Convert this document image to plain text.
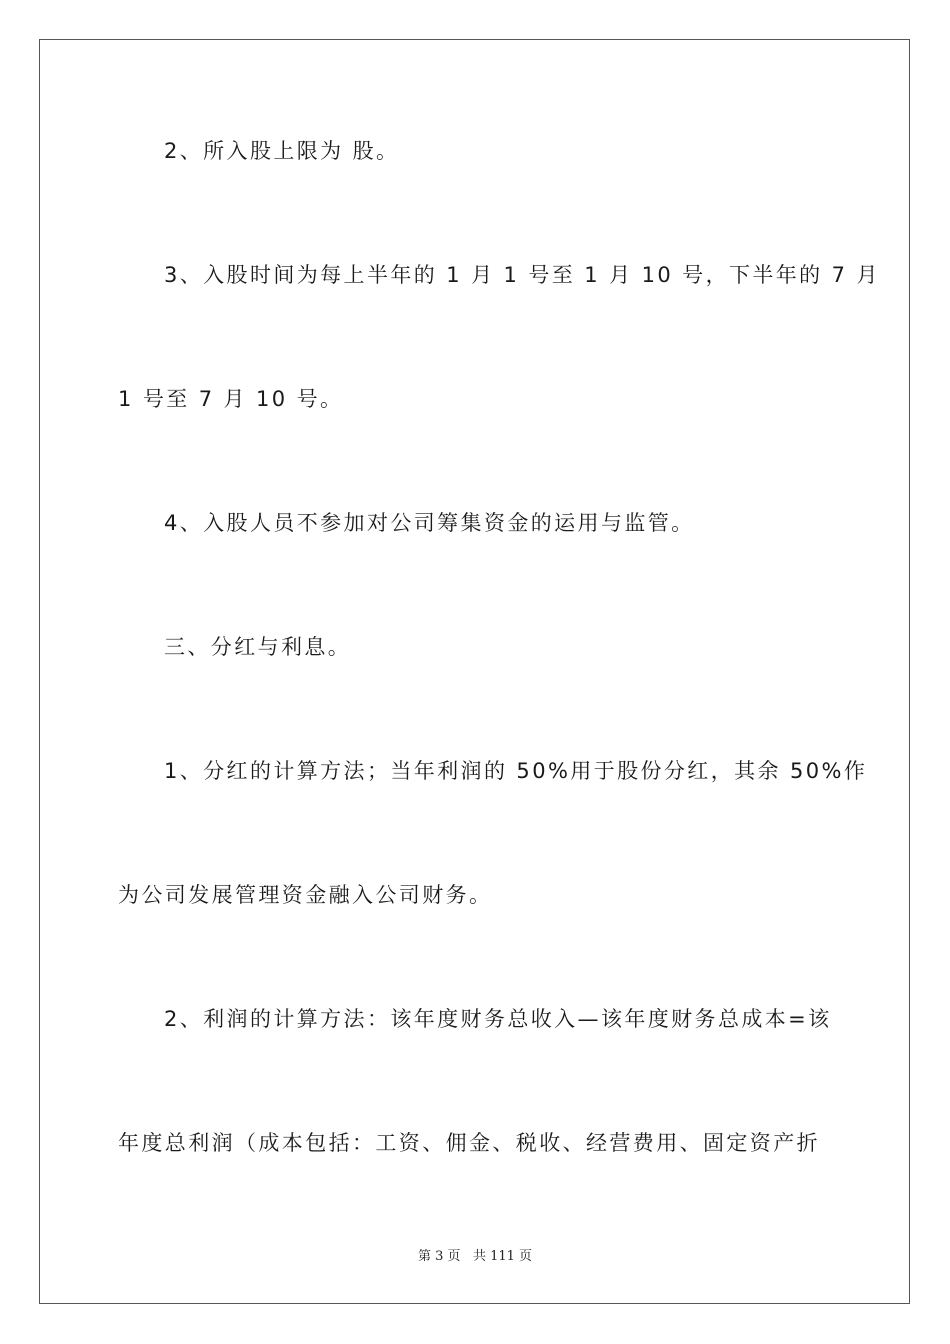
2、所入股上限为 股。

3、入股时间为每上半年的 1 月 1 号至 1 月 10 号，下半年的 7 月

1 号至 7 月 10 号。

4、入股人员不参加对公司筹集资金的运用与监管。

三、分红与利息。

1、分红的计算方法；当年利润的 50%用于股份分红，其余 50%作

为公司发展管理资金融入公司财务。

2、利润的计算方法：该年度财务总收入—该年度财务总成本=该

年度总利润（成本包括：工资、佣金、税收、经营费用、固定资产折

第 3 页 共 111 页
